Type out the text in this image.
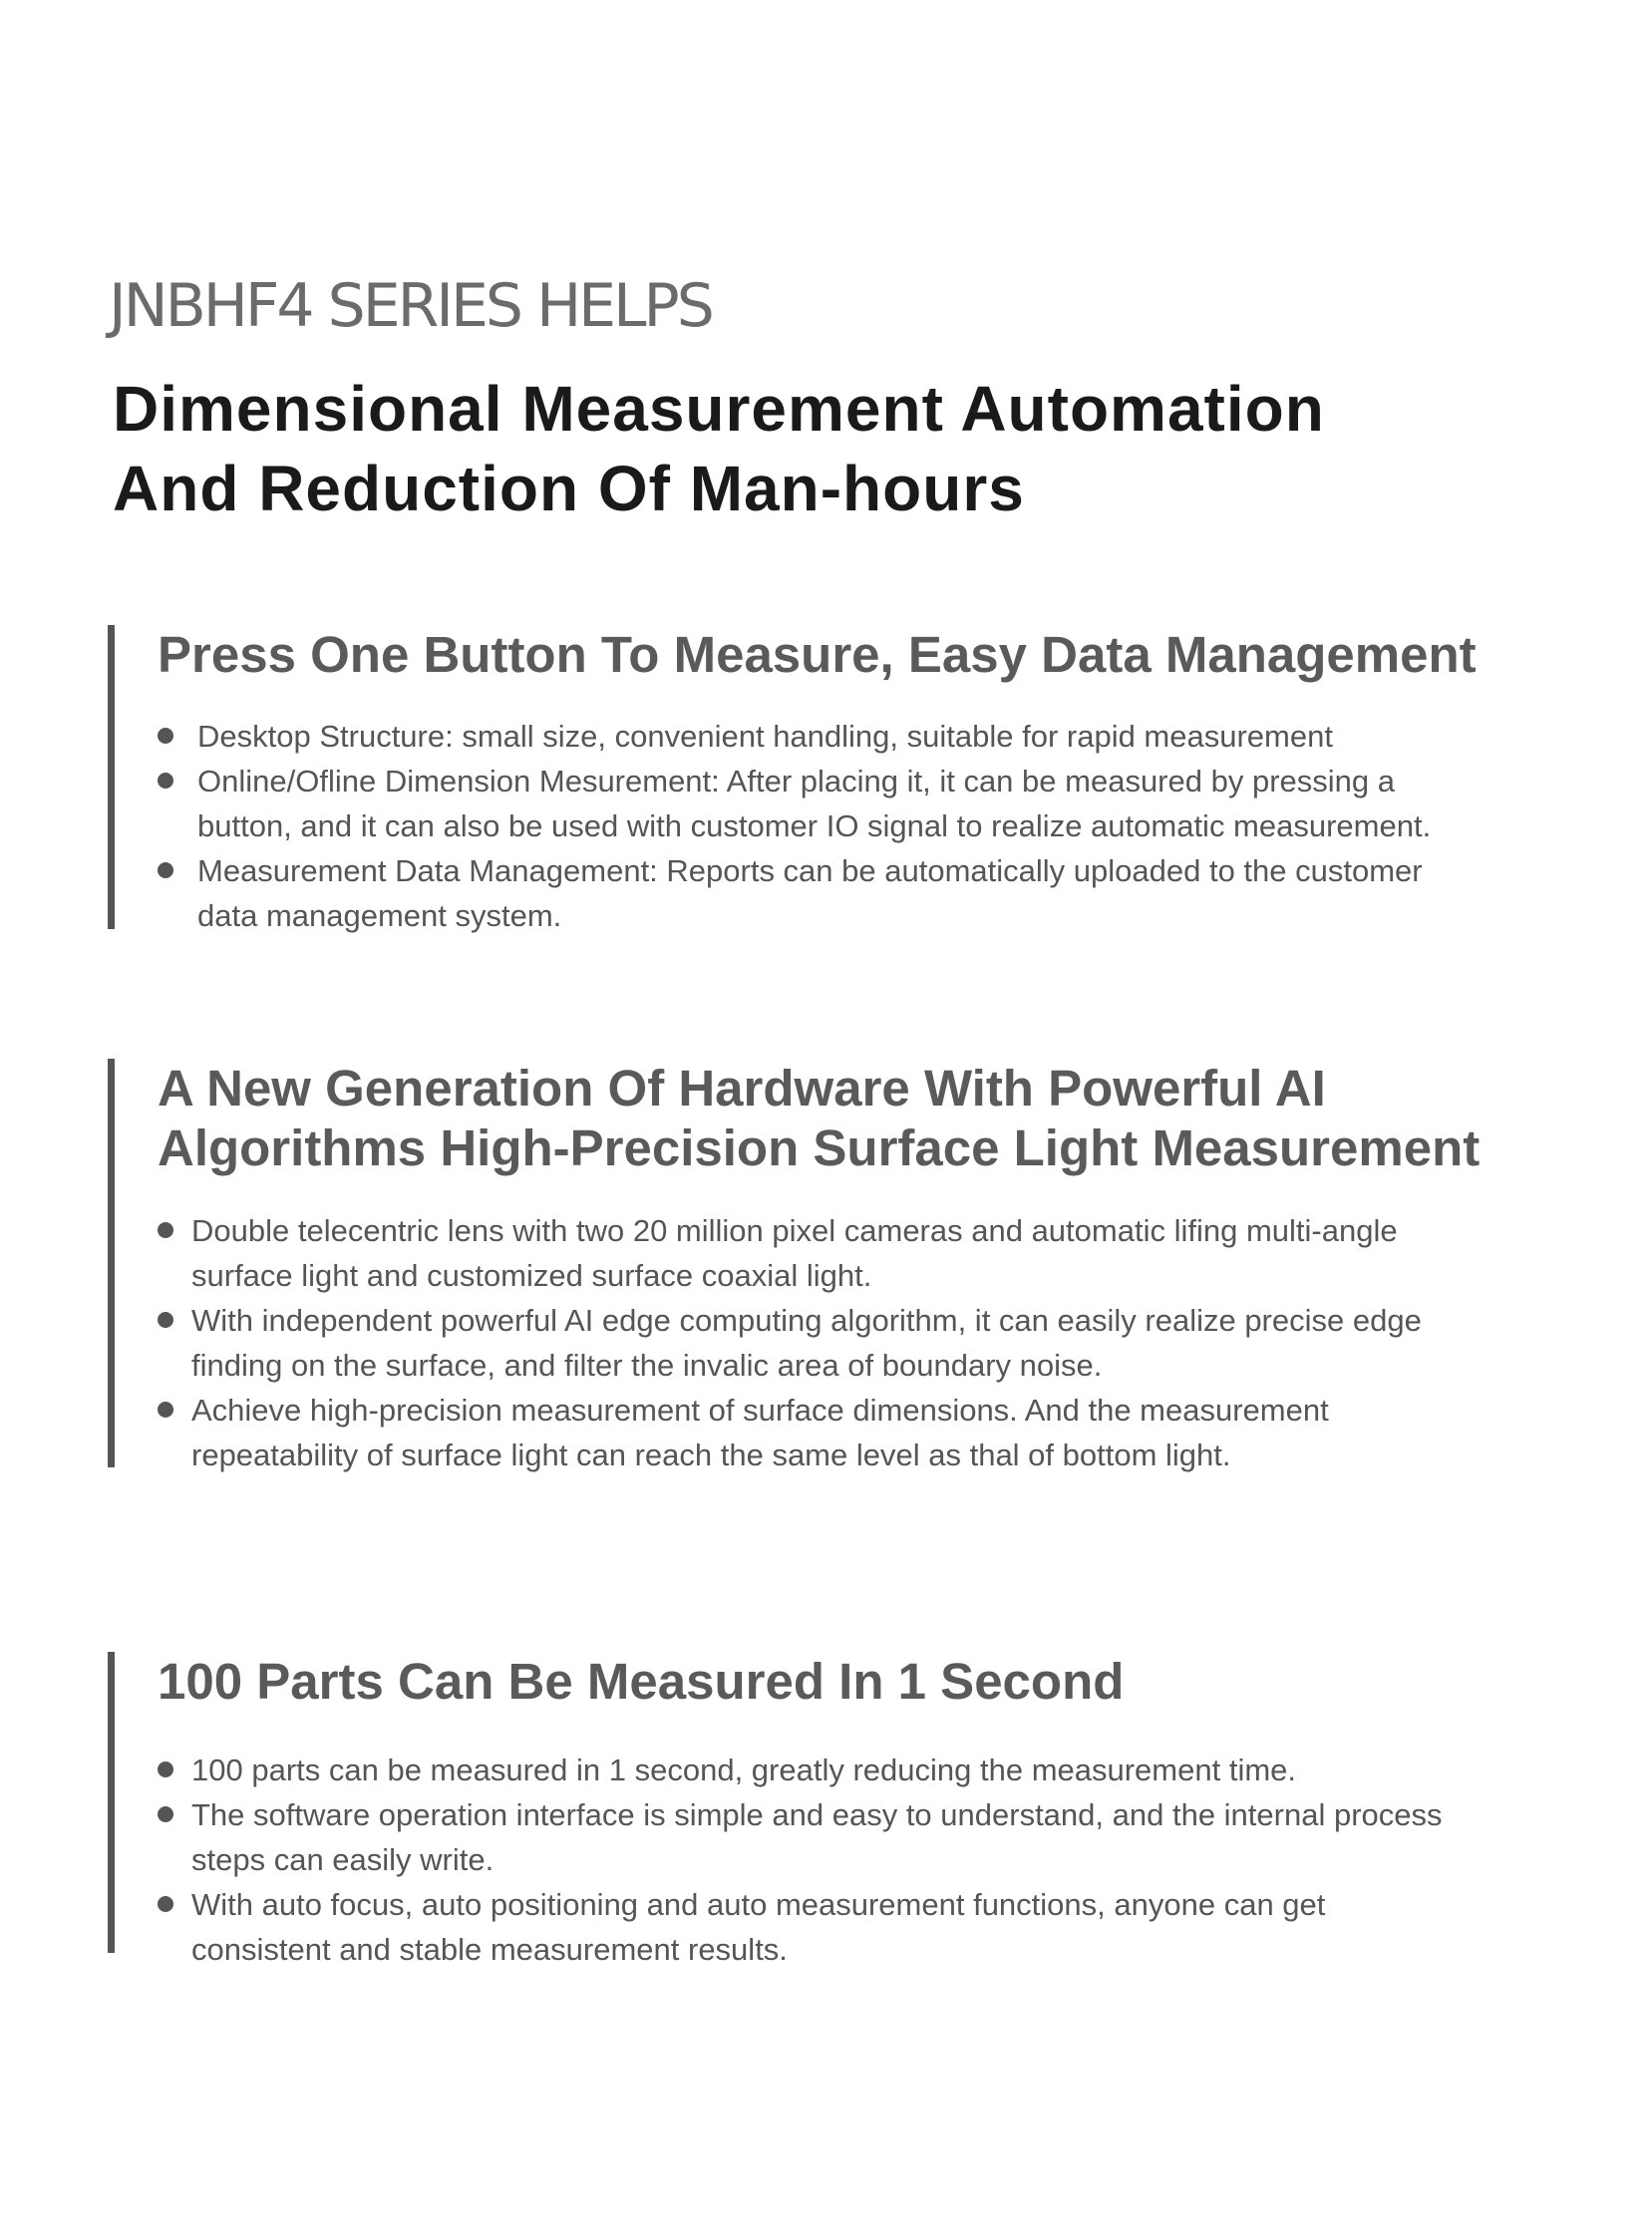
JNBHF4 SERIES HELPS
Dimensional Measurement Automation
And Reduction Of Man-hours
Press One Button To Measure, Easy Data Management
Desktop Structure: small size, convenient handling, suitable for rapid measurement
Online/Ofline Dimension Mesurement: After placing it, it can be measured by pressing a
button, and it can also be used with customer IO signal to realize automatic measurement.
Measurement Data Management: Reports can be automatically uploaded to the customer
data management system.
A New Generation Of Hardware With Powerful AI
Algorithms High-Precision Surface Light Measurement
Double telecentric lens with two 20 million pixel cameras and automatic lifing multi-angle
surface light and customized surface coaxial light.
With independent powerful AI edge computing algorithm, it can easily realize precise edge
finding on the surface, and filter the invalic area of boundary noise.
Achieve high-precision measurement of surface dimensions. And the measurement
repeatability of surface light can reach the same level as thal of bottom light.
100 Parts Can Be Measured In 1 Second
100 parts can be measured in 1 second, greatly reducing the measurement time.
The software operation interface is simple and easy to understand, and the internal process
steps can easily write.
With auto focus, auto positioning and auto measurement functions, anyone can get
consistent and stable measurement results.
